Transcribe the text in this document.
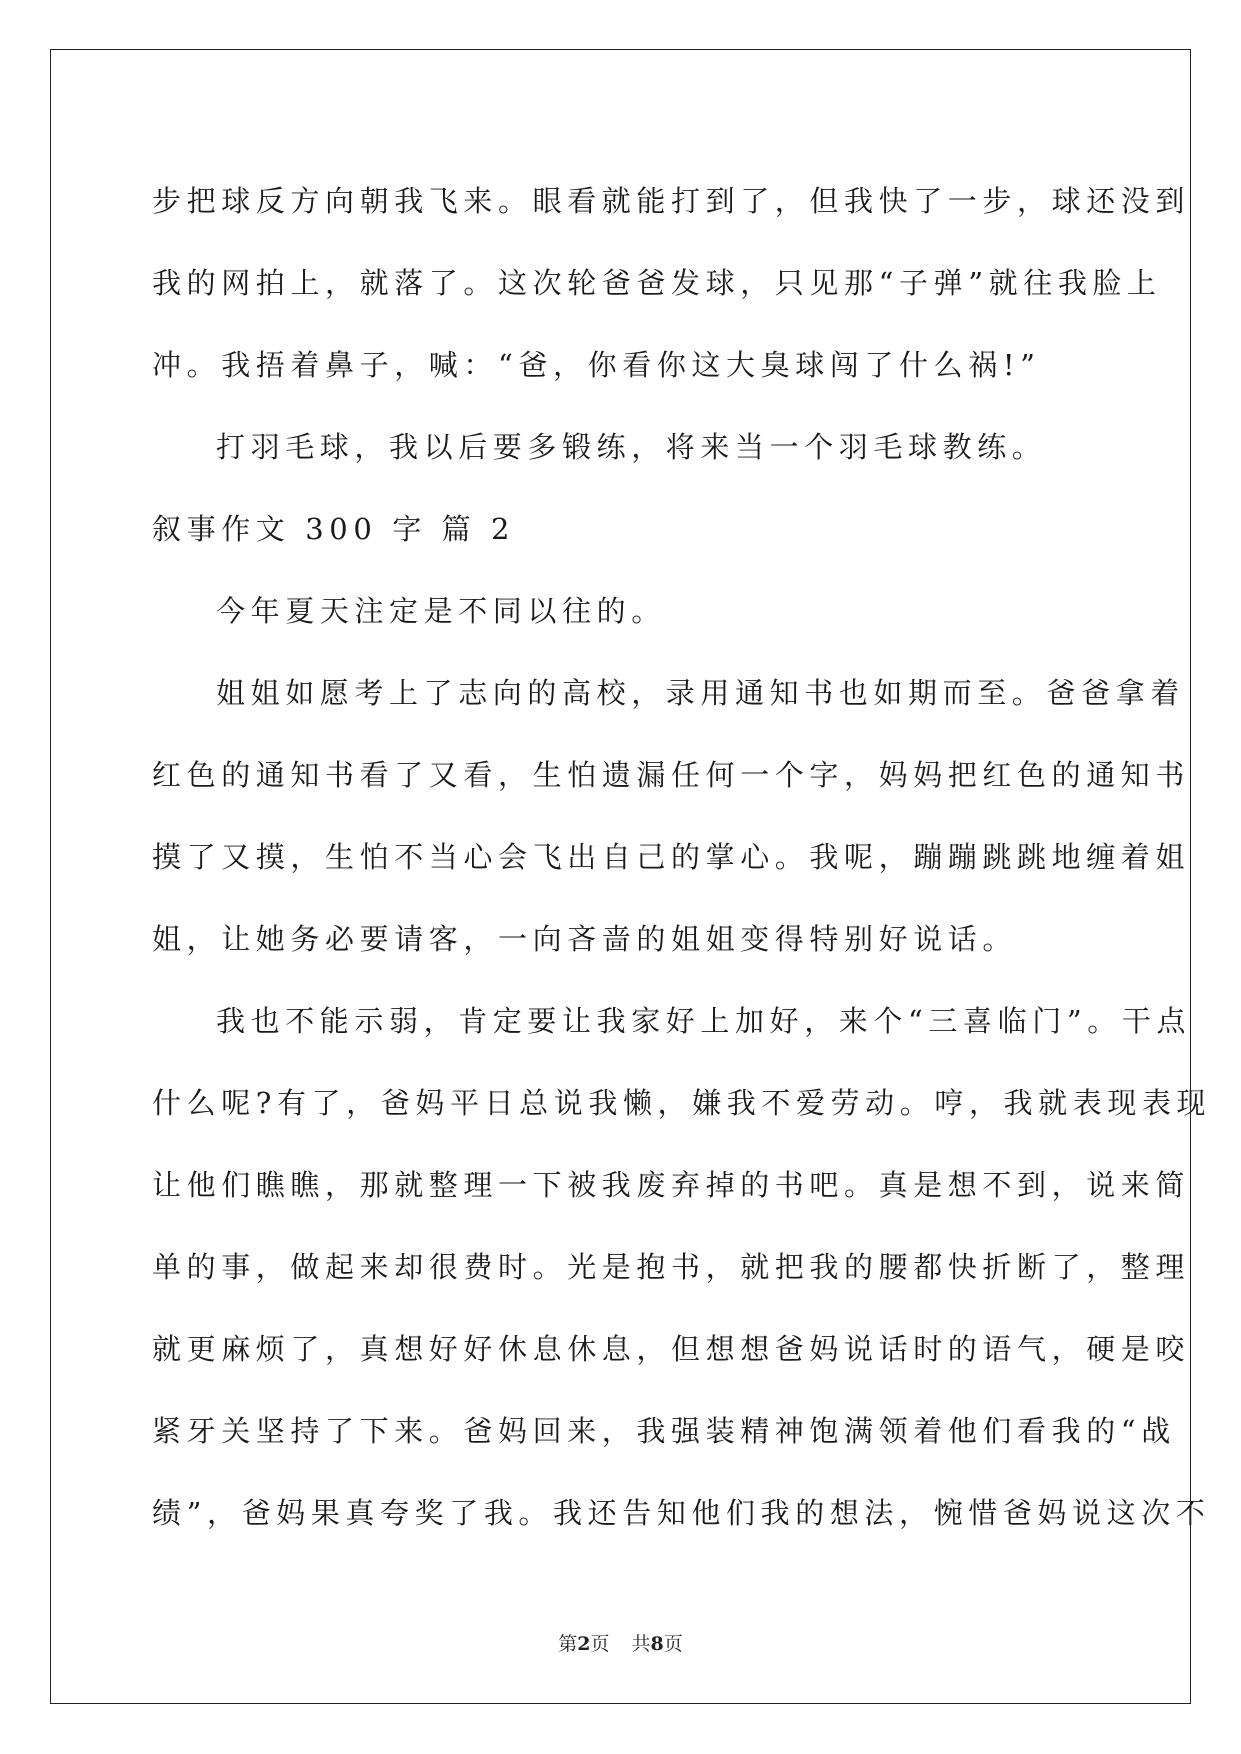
步把球反方向朝我飞来。眼看就能打到了，但我快了一步，球还没到
我的网拍上，就落了。这次轮爸爸发球，只见那“子弹”就往我脸上
冲。我捂着鼻子，喊：“爸，你看你这大臭球闯了什么祸!”
打羽毛球，我以后要多锻练，将来当一个羽毛球教练。
叙事作文 300 字 篇 2
今年夏天注定是不同以往的。
姐姐如愿考上了志向的高校，录用通知书也如期而至。爸爸拿着
红色的通知书看了又看，生怕遗漏任何一个字，妈妈把红色的通知书
摸了又摸，生怕不当心会飞出自己的掌心。我呢，蹦蹦跳跳地缠着姐
姐，让她务必要请客，一向吝啬的姐姐变得特别好说话。
我也不能示弱，肯定要让我家好上加好，来个“三喜临门”。干点
什么呢?有了，爸妈平日总说我懒，嫌我不爱劳动。哼，我就表现表现
让他们瞧瞧，那就整理一下被我废弃掉的书吧。真是想不到，说来简
单的事，做起来却很费时。光是抱书，就把我的腰都快折断了，整理
就更麻烦了，真想好好休息休息，但想想爸妈说话时的语气，硬是咬
紧牙关坚持了下来。爸妈回来，我强装精神饱满领着他们看我的“战
绩”，爸妈果真夸奖了我。我还告知他们我的想法，惋惜爸妈说这次不
第2页 共8页
